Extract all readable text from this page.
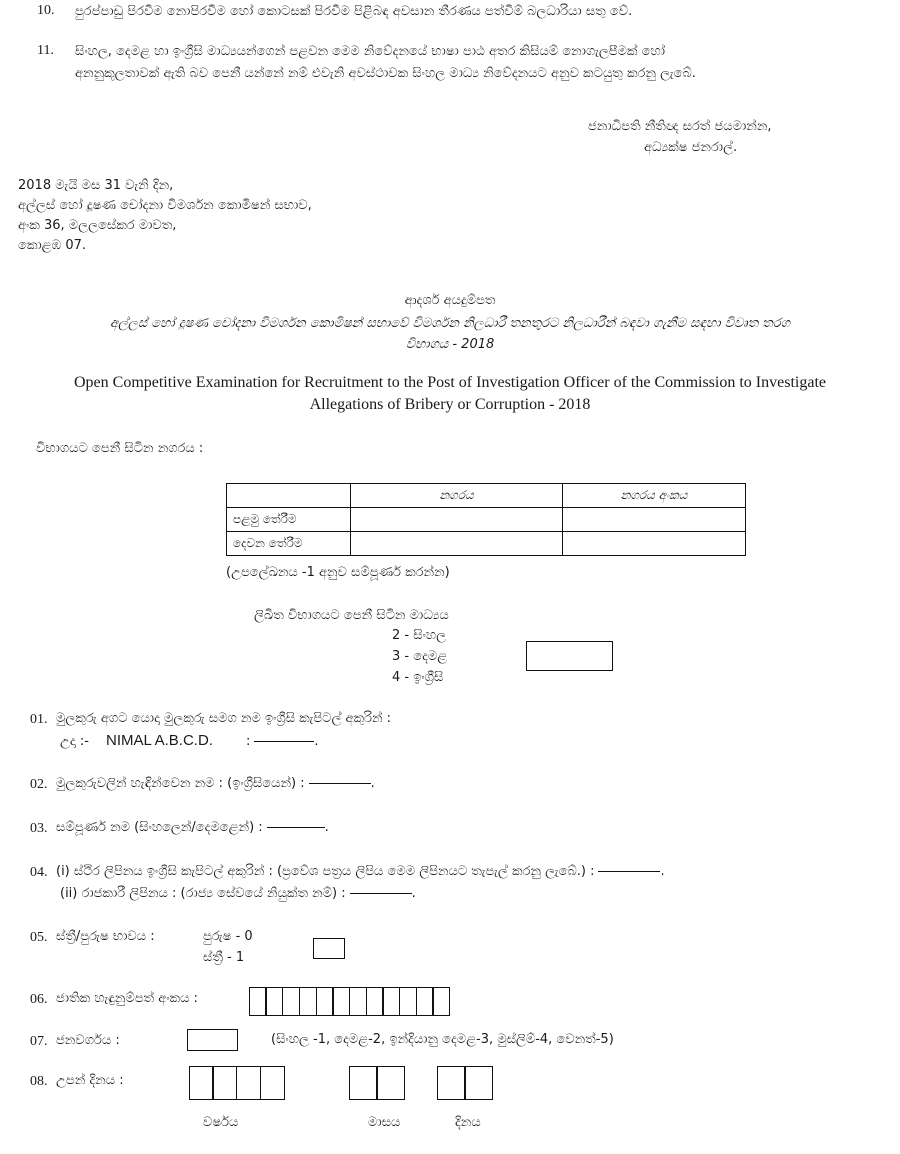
10. පුරප්පාඩු පිරවීම නොපිරවීම හෝ කොටසක් පිරවීම පිළිබඳ අවසාන තීරණය පත්වීම් බලධාරියා සතු වේ.
11. සිංහල, දෙමළ හා ඉංග්‍රීසි මාධ්‍යයන්ගෙන් පළවන මෙම නිවේදනයේ භාෂා පාඨ අතර කිසියම් නොගැලපීමක් හෝ
අනනුකූලතාවක් ඇති බව පෙනී යන්නේ නම් එවැනි අවස්ථාවක සිංහල මාධ්‍ය නිවේදනයට අනුව කටයුතු කරනු ලැබේ.
ජනාධිපති නීතිඥ සරත් ජයමාන්න,
අධ්‍යක්ෂ ජනරාල්.
2018 මැයි මස 31 වැනි දින,
අල්ලස් හෝ දූෂණ චෝදනා විමර්ශන කොමිෂන් සභාව,
අංක 36, මලලසේකර මාවත,
කොළඹ 07.
ආදර්ශ අයදුම්පත
අල්ලස් හෝ දූෂණ චෝදනා විමර්ශන කොමිෂන් සභාවේ විමර්ශන නිලධාරී තනතුරට නිලධාරීන් බඳවා ගැනීම සඳහා විවෘත තරග
විභාගය - 2018
Open Competitive Examination for Recruitment to the Post of Investigation Officer of the Commission to Investigate
Allegations of Bribery or Corruption - 2018
විභාගයට පෙනී සිටින නගරය :
	නගරය	නගරය අංකය
පළමු තේරීම		
දෙවන තේරීම		
(උපලේඛනය -1 අනුව සම්පූර්ණ කරන්න)
ලිඛිත විභාගයට පෙනී සිටින මාධ්‍යය
2 - සිංහල
3 - දෙමළ
4 - ඉංග්‍රීසි
01. මුලකුරු අගට යොදා මුලකුරු සමග නම ඉංග්‍රීසි කැපිටල් අකුරින් :
උදා :- NIMAL A.B.C.D.	:	.
02. මුලකුරුවලින් හැඳින්වෙන නම : (ඉංග්‍රීසියෙන්) :	.
03. සම්පූර්ණ නම (සිංහලෙන්/දෙමළෙන්) :	.
04. (i) ස්ථිර ලිපිනය ඉංග්‍රීසි කැපිටල් අකුරින් : (ප්‍රවේශ පත්‍රය ලිපිය මෙම ලිපිනයට තැපැල් කරනු ලැබේ.) :	.
(ii) රාජකාරී ලිපිනය : (රාජ්‍ය සේවයේ නියුක්ත නම්) :	.
05. ස්ත්‍රී/පුරුෂ භාවය :	පුරුෂ - 0
ස්ත්‍රී - 1
06. ජාතික හැඳුනුම්පත් අංකය :
07. ජනවර්ගය :	(සිංහල -1, දෙමළ-2, ඉන්දියානු දෙමළ-3, මුස්ලිම්-4, වෙනත්-5)
08. උපන් දිනය :
වර්ෂය	මාසය	දිනය
